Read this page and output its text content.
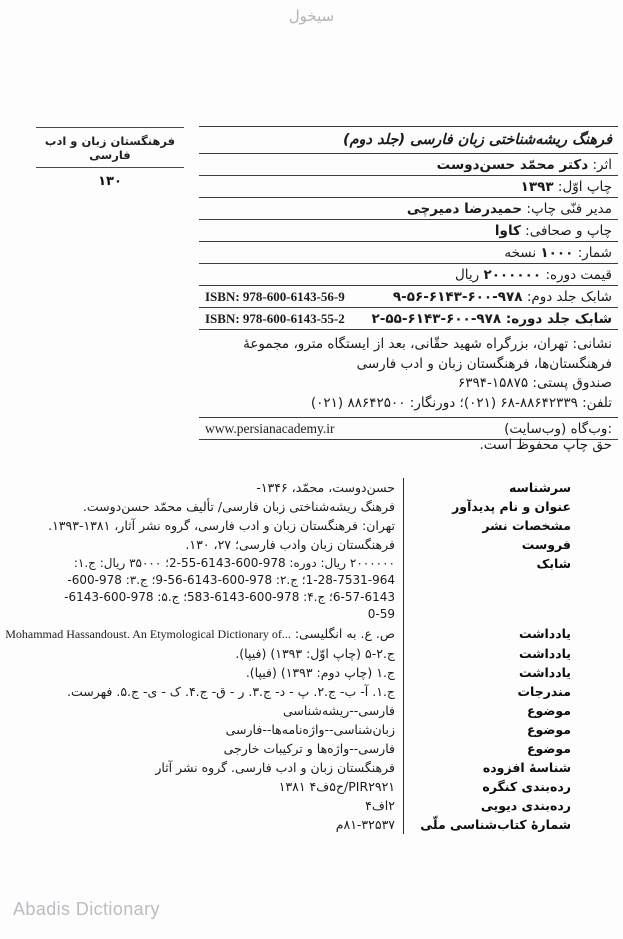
سیخول
فرهنگستان زبان و ادب فارسی
۱۳۰
فرهنگ ریشه‌شناختی زبان فارسی (جلد دوم)
اثر: دکتر محمّد حسن‌دوست
چاپ اوّل: ۱۳۹۳
مدیر فنّی چاپ: حمیدرضا دمیرچی
چاپ و صحافی: کاوا
شمار: ۱۰۰۰ نسخه
قیمت دوره: ۲۰۰۰۰۰۰ ریال
ISBN: 978-600-6143-56-9	شابک جلد دوم: ۹۷۸-۶۰۰-۶۱۴۳-۵۶-۹
ISBN: 978-600-6143-55-2	شابک جلد دوره: ۹۷۸-۶۰۰-۶۱۴۳-۵۵-۲
نشانی: تهران، بزرگراه شهید حقّانی، بعد از ایستگاه مترو، مجموعهٔ
فرهنگستان‌ها، فرهنگستان زبان و ادب فارسی
صندوق پستی: ۱۵۸۷۵-۶۳۹۴
تلفن: ۸۸۶۴۲۳۳۹-۶۸ (۰۲۱)؛ دورنگار: ۸۸۶۴۲۵۰۰ (۰۲۱)
www.persianacademy.ir	وب‌گاه (وب‌سایت):
حق چاپ محفوظ است.
سرشناسه
حسن‌دوست، محمّد، ۱۳۴۶-
عنوان و نام پدیدآور
فرهنگ ریشه‌شناختی زبان فارسی/ تألیف محمّد حسن‌دوست.
مشخصات نشر
تهران: فرهنگستان زبان و ادب فارسی، گروه نشر آثار، ۱۳۸۱-۱۳۹۳.
فروست
فرهنگستان زبان وادب فارسی؛ ۲۷، ۱۳۰.
شابک
۲۰۰۰۰۰۰ ریال: دوره: 978-600-6143-55-2؛ ۳۵۰۰۰ ریال: ج.۱: 964-7531-28-1؛ ج.۲: 978-600-6143-56-9؛ ج.۳: 978-600-6143-57-6؛ ج.۴: 978-600-6143-583؛ ج.۵: 978-600-6143-59-0
یادداشت
ص. ع. به انگلیسی: Mohammad Hassandoust. An Etymological Dictionary of...
یادداشت
ج.۲-۵ (چاپ اوّل: ۱۳۹۳) (فیپا).
یادداشت
ج.۱ (چاپ دوم: ۱۳۹۳) (فیپا).
مندرجات
ج.۱. آ- ب- ج.۲. پ - د- ج.۳. ر - ق- ج.۴. ک - ی- ج.۵. فهرست.
موضوع
فارسی--ریشه‌شناسی
موضوع
زبان‌شناسی--واژه‌نامه‌ها--فارسی
موضوع
فارسی--واژه‌ها و ترکیبات خارجی
شناسهٔ افزوده
فرهنگستان زبان و ادب فارسی. گروه نشر آثار
رده‌بندی کنگره
PIR۲۹۲۱/ح۵ف۴ ۱۳۸۱
رده‌بندی دیویی
۴فا۲
شمارهٔ کتاب‌شناسی ملّی
م۸۱-۳۲۵۳۷
Abadis Dictionary
